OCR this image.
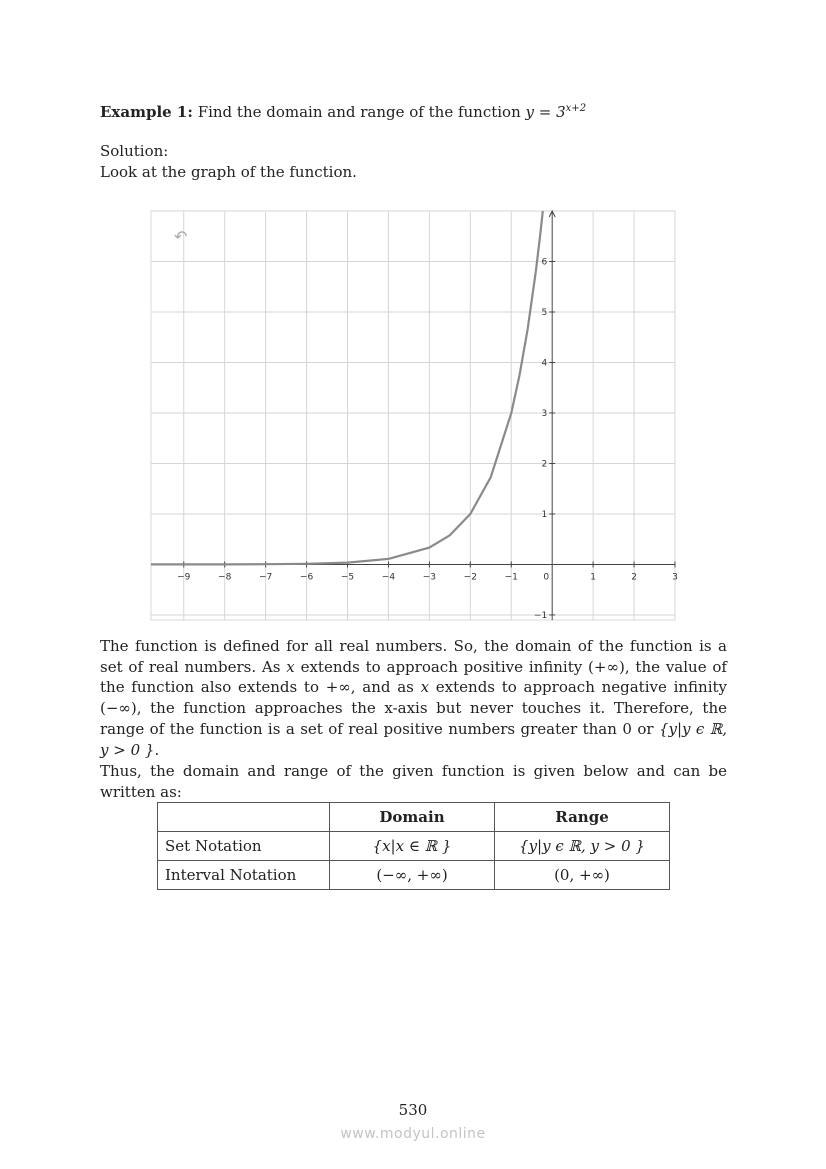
Example 1: Find the domain and range of the function $y = 3^{x+2}$
Solution:
Look at the graph of the function.
−9	−8	−7	−6	−5	−4	−3	−2	−1	0	1	2	3
6
5
4
3
2
1
−1
↶
The function is defined for all real numbers. So, the domain of the function is a set of real numbers. As x extends to approach positive infinity (+∞), the value of the function also extends to +∞, and as x extends to approach negative infinity (−∞), the function approaches the x-axis but never touches it. Therefore, the range of the function is a set of real positive numbers greater than 0 or {y|y ϵ ℝ, y > 0 }.
Thus, the domain and range of the given function is given below and can be written as:
	Domain	Range
Set Notation	{x|x ∈ ℝ }	{y|y ϵ ℝ, y > 0 }
Interval Notation	(−∞, +∞)	(0, +∞)
530
www.modyul.online
